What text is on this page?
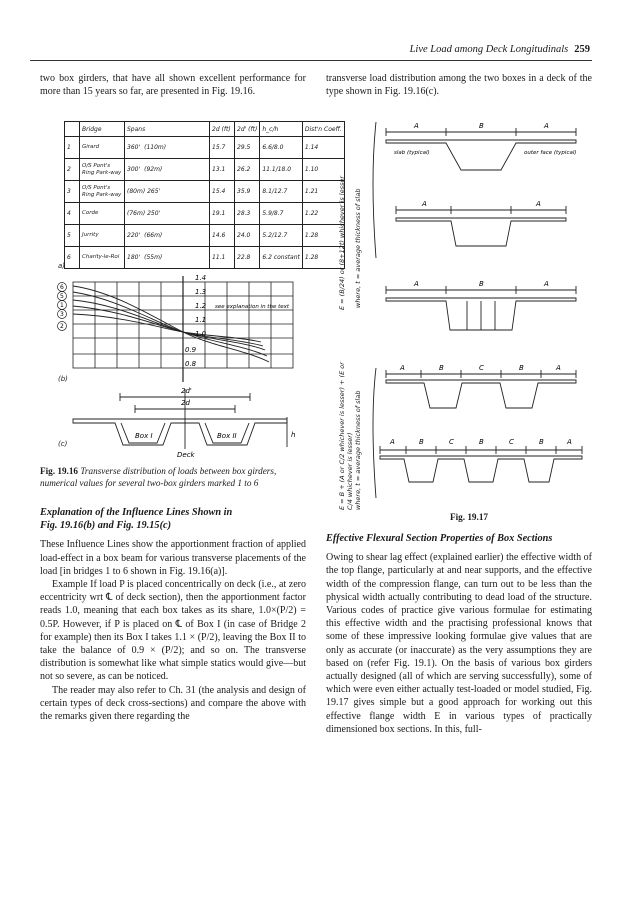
Live Load among Deck Longitudinals 259

two box girders, that have all shown excellent performance for more than 15 years so far, are presented in Fig. 19.16.

	Bridge	Spans	2d (ft)	2d' (ft)	h_c/h	Dist'n Coeff.
1	Girard	360' (110m)	15.7	29.5	6.6/8.0	1.14
2	O/S Pont's Ring Park-way	300' (92m)	13.1	26.2	11.1/18.0	1.10
3	O/S Pont's Ring Park-way	(80m) 265'	15.4	35.9	8.1/12.7	1.21
4	Corde	(76m) 250'	19.1	28.3	5.9/8.7	1.22
5	Jurrity	220' (66m)	14.6	24.0	5.2/12.7	1.28
6	Charity-le-Roi	180' (55m)	11.1	22.8	6.2 constant	1.28
a)
1.4
1.3
1.2
1.1
1.0
0.9
0.8
see explanation in the text
6
5
1
3
2
(b)
2d'
2d
Box I	Box II
Deck
h
(c)
Fig. 19.16 Transverse distribution of loads between box girders, numerical values for several two-box girders marked 1 to 6

Explanation of the Influence Lines Shown in

Fig. 19.16(b) and Fig. 19.15(c)

These Influence Lines show the apportionment fraction of applied load-effect in a box beam for various transverse placements of the load [in bridges 1 to 6 shown in Fig. 19.16(a)].

Example If load P is placed concentrically on deck (i.e., at zero eccentricity wrt ℄ of deck section), then the apportionment factor reads 1.0, meaning that each box takes as its share, 1.0×(P/2) = 0.5P. However, if P is placed on ℄ of Box I (in case of Bridge 2 for example) then its Box I takes 1.1 × (P/2), leaving the Box II to take the balance of 0.9 × (P/2); and so on. The transverse distribution is somewhat like what simple statics would give—but not so severe, as can be noticed.

The reader may also refer to Ch. 31 (the analysis and design of certain types of deck cross-sections) and compare the above with the remarks given there regarding the

transverse load distribution among the two boxes in a deck of the type shown in Fig. 19.16(c).

E = (B/24) or (8+12t) whichever is lesser	where, t = average thickness of slab
E = B + (A or C/2 whichever is lesser) + (E or C/4 whichever is lesser) where, t = average thickness of slab
A	B	A
slab (typical)	outer face (typical)
A	A
A	B	A
A	B	C	B	A
A	B	C	B	C	B	A
Fig. 19.17

Effective Flexural Section Properties of Box Sections

Owing to shear lag effect (explained earlier) the effective width of the top flange, particularly at and near supports, and the effective width of the compression flange, can turn out to be less than the physical width actually contributing to dead load of the structure. Various codes of practice give various formulae for estimating this effective width and the practising professional knows that some of these impressive looking formulae give values that are only as accurate (or inaccurate) as the very assumptions they are based on (refer Fig. 19.1). On the basis of various box girders actually designed (all of which are serving successfully), some of which were even either actually test-loaded or model studied, Fig. 19.17 gives simple but a good approach for working out this effective flange width E in various types of practically dimensioned box sections. In this, full-
